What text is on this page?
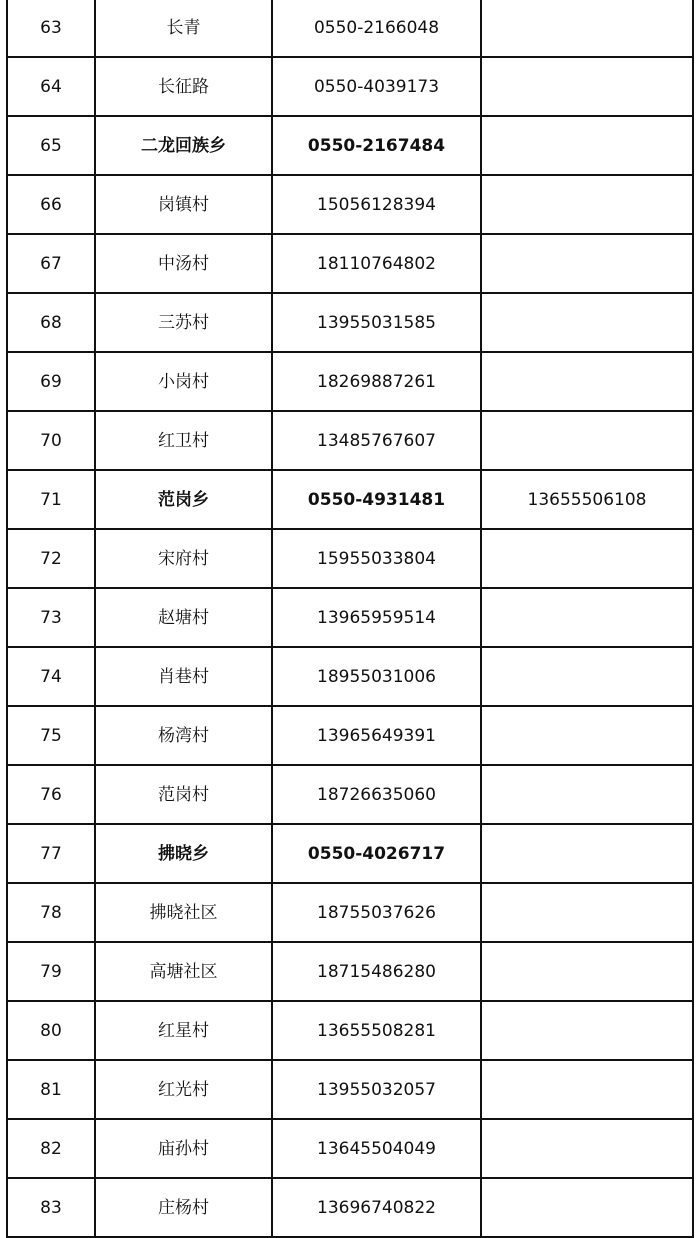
63	长青	0550-2166048	
64	长征路	0550-4039173	
65	二龙回族乡	0550-2167484	
66	岗镇村	15056128394	
67	中汤村	18110764802	
68	三苏村	13955031585	
69	小岗村	18269887261	
70	红卫村	13485767607	
71	范岗乡	0550-4931481	13655506108
72	宋府村	15955033804	
73	赵塘村	13965959514	
74	肖巷村	18955031006	
75	杨湾村	13965649391	
76	范岗村	18726635060	
77	拂晓乡	0550-4026717	
78	拂晓社区	18755037626	
79	高塘社区	18715486280	
80	红星村	13655508281	
81	红光村	13955032057	
82	庙孙村	13645504049	
83	庄杨村	13696740822	
